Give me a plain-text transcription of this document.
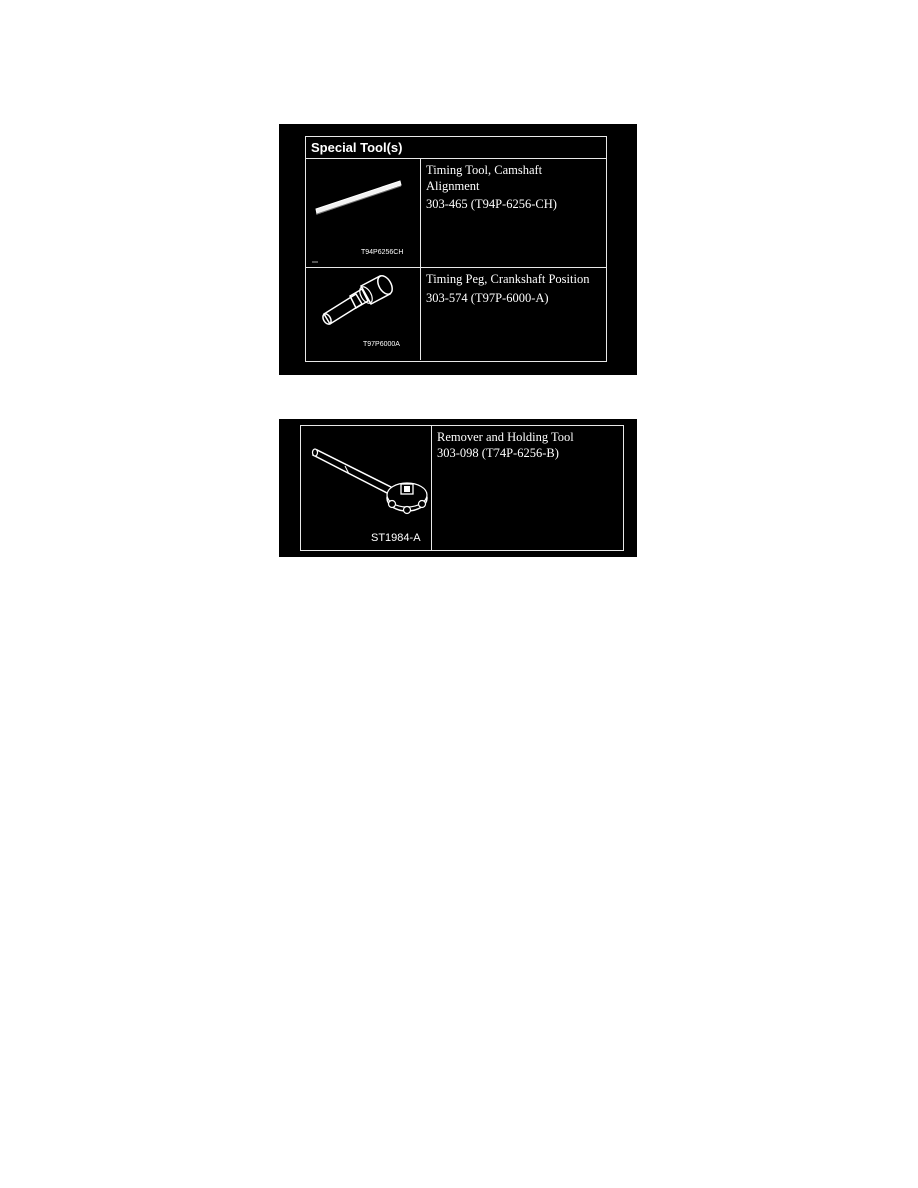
Special Tool(s)
T94P6256CH
Timing Tool, Camshaft
Alignment
303-465 (T94P-6256-CH)
T97P6000A
Timing Peg, Crankshaft Position
303-574 (T97P-6000-A)
ST1984-A
Remover and Holding Tool
303-098 (T74P-6256-B)
